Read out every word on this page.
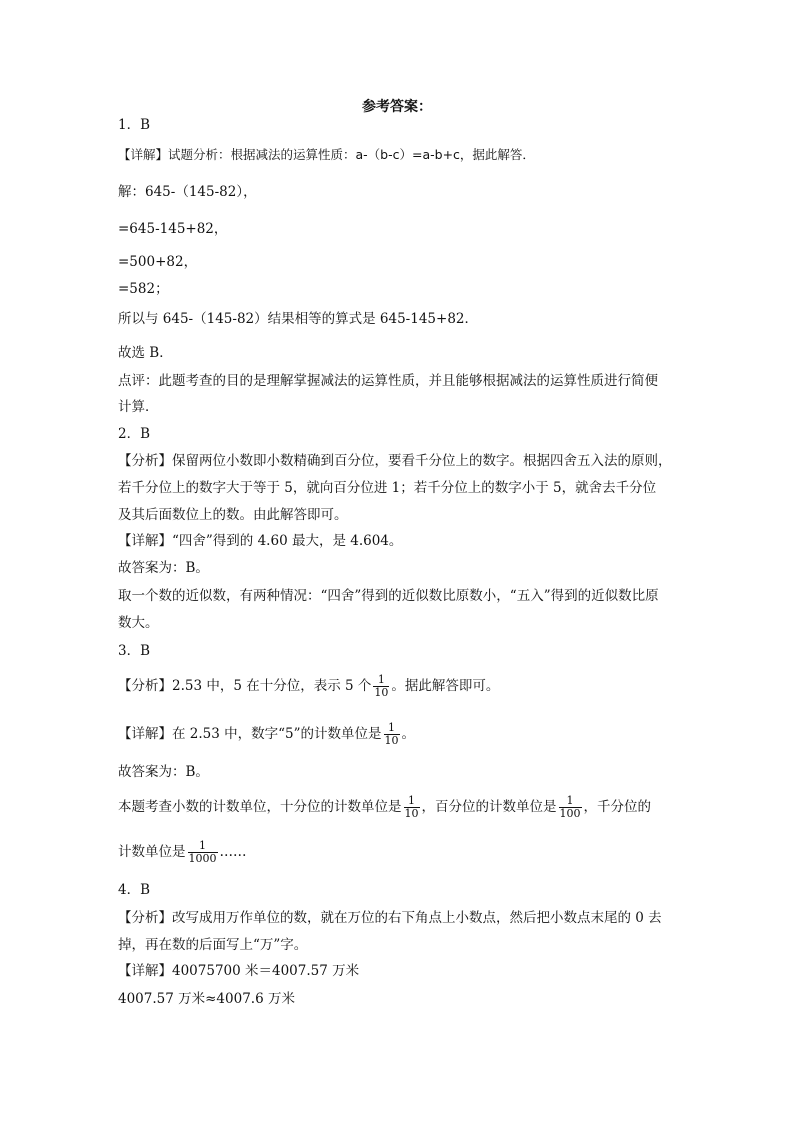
参考答案：
1．B
【详解】试题分析：根据减法的运算性质：a-（b-c）=a-b+c，据此解答．
解：645-（145-82），
=645-145+82，
=500+82，
=582；
所以与 645-（145-82）结果相等的算式是 645-145+82．
故选 B．
点评：此题考查的目的是理解掌握减法的运算性质，并且能够根据减法的运算性质进行简便
计算．
2．B
【分析】保留两位小数即小数精确到百分位，要看千分位上的数字。根据四舍五入法的原则，
若千分位上的数字大于等于 5，就向百分位进 1；若千分位上的数字小于 5，就舍去千分位
及其后面数位上的数。由此解答即可。
【详解】“四舍”得到的 4.60 最大，是 4.604。
故答案为：B。
取一个数的近似数，有两种情况：“四舍”得到的近似数比原数小，“五入”得到的近似数比原
数大。
3．B
【分析】2.53 中，5 在十分位，表示 5 个 $\frac{1}{10}$ 。据此解答即可。
【详解】在 2.53 中，数字“5”的计数单位是 $\frac{1}{10}$ 。
故答案为：B。
本题考查小数的计数单位，十分位的计数单位是 $\frac{1}{10}$ ，百分位的计数单位是 $\frac{1}{100}$ ，千分位的
计数单位是 $\frac{1}{1000}$ ……
4．B
【分析】改写成用万作单位的数，就在万位的右下角点上小数点，然后把小数点末尾的 0 去
掉，再在数的后面写上“万”字。
【详解】40075700 米＝4007.57 万米
4007.57 万米≈4007.6 万米
